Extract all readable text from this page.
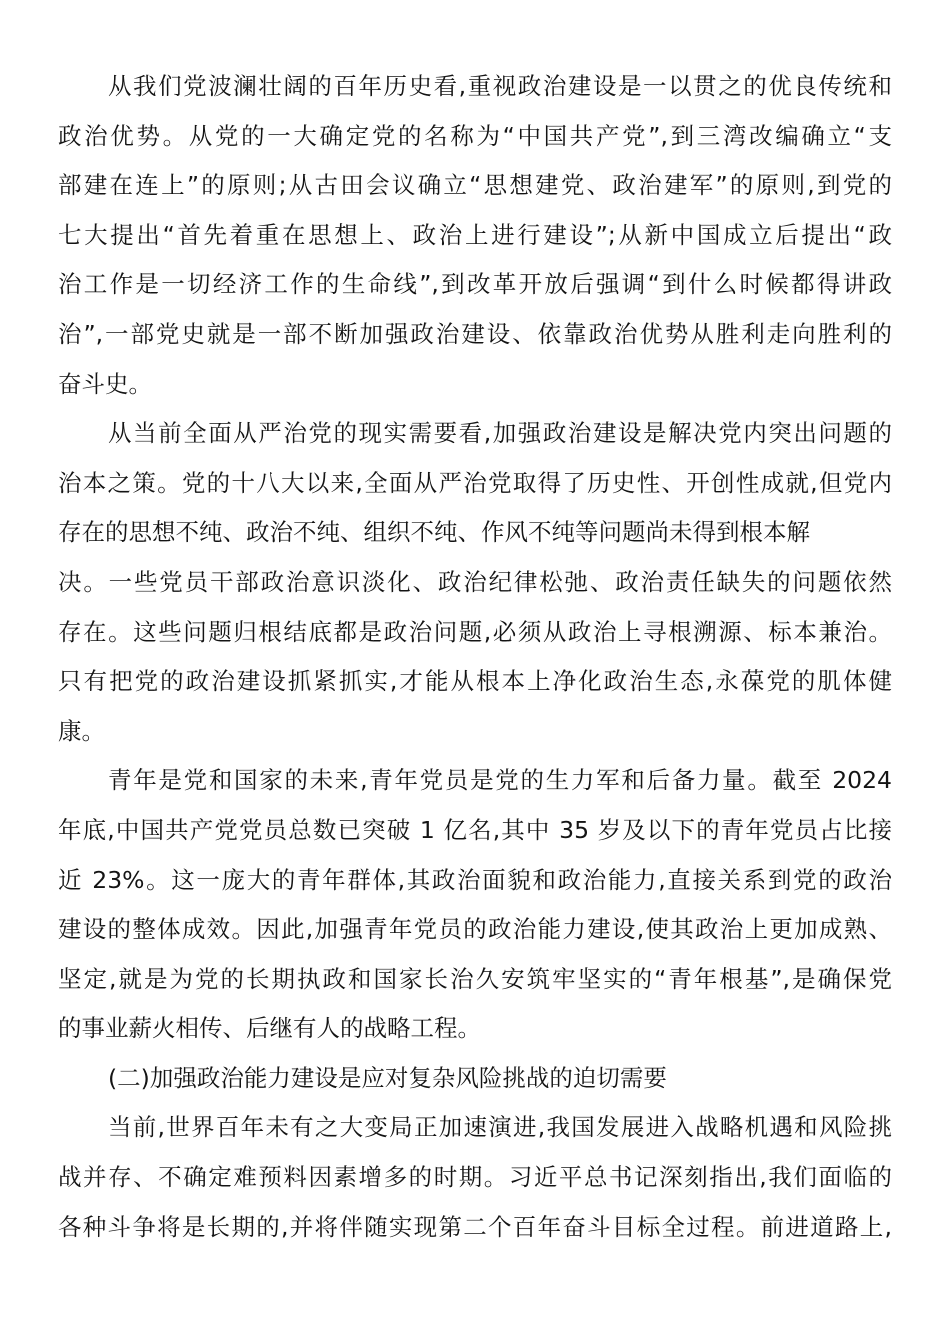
从我们党波澜壮阔的百年历史看,重视政治建设是一以贯之的优良传统和
政治优势。从党的一大确定党的名称为“中国共产党”,到三湾改编确立“支
部建在连上”的原则;从古田会议确立“思想建党、政治建军”的原则,到党的
七大提出“首先着重在思想上、政治上进行建设”;从新中国成立后提出“政
治工作是一切经济工作的生命线”,到改革开放后强调“到什么时候都得讲政
治”,一部党史就是一部不断加强政治建设、依靠政治优势从胜利走向胜利的
奋斗史。
从当前全面从严治党的现实需要看,加强政治建设是解决党内突出问题的
治本之策。党的十八大以来,全面从严治党取得了历史性、开创性成就,但党内
存在的思想不纯、政治不纯、组织不纯、作风不纯等问题尚未得到根本解
决。一些党员干部政治意识淡化、政治纪律松弛、政治责任缺失的问题依然
存在。这些问题归根结底都是政治问题,必须从政治上寻根溯源、标本兼治。
只有把党的政治建设抓紧抓实,才能从根本上净化政治生态,永葆党的肌体健
康。
青年是党和国家的未来,青年党员是党的生力军和后备力量。截至 2024
年底,中国共产党党员总数已突破 1 亿名,其中 35 岁及以下的青年党员占比接
近 23%。这一庞大的青年群体,其政治面貌和政治能力,直接关系到党的政治
建设的整体成效。因此,加强青年党员的政治能力建设,使其政治上更加成熟、
坚定,就是为党的长期执政和国家长治久安筑牢坚实的“青年根基”,是确保党
的事业薪火相传、后继有人的战略工程。
(二)加强政治能力建设是应对复杂风险挑战的迫切需要
当前,世界百年未有之大变局正加速演进,我国发展进入战略机遇和风险挑
战并存、不确定难预料因素增多的时期。习近平总书记深刻指出,我们面临的
各种斗争将是长期的,并将伴随实现第二个百年奋斗目标全过程。前进道路上,
